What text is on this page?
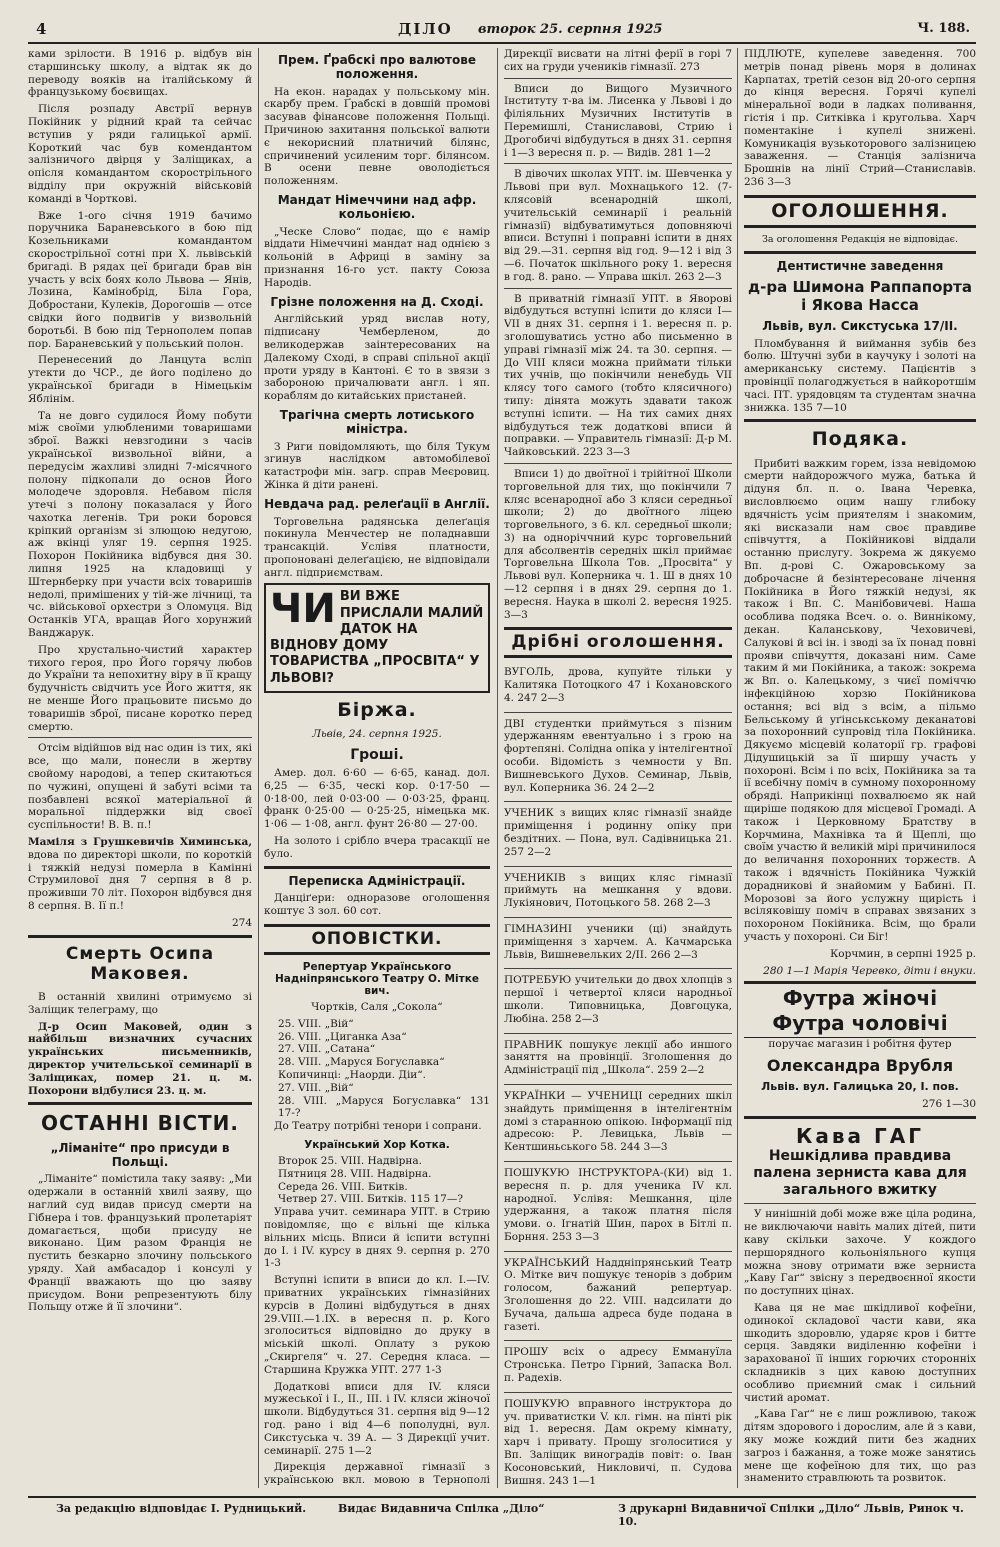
4	ДІЛО второк 25. серпня 1925	Ч. 188.

ками зрілости. В 1916 р. відбув він старшинську школу, а відтак як до переводу вояків на італійському й французькому боєвищах.

Після розпаду Австрії вернув Покійник у рідний край та сейчас вступив у ряди галицької армії. Короткий час був комендантом залізничого двірця у Заліщиках, а опісля командантом скорострільного відділу при окружній військовій команді в Чорткові.

Вже 1-ого січня 1919 бачимо поручника Бараневського в бою під Козельниками командантом скорострільної сотні при X. львівській бригаді. В рядах цеї бригади брав він участь у всіх боях коло Львова — Янів, Лозина, Камінобрід, Біла Гора, Добростани, Кулеків, Дорогошів — отсе свідки його подвигів у визвольній боротьбі. В бою під Тернополем попав пор. Бараневський у польський полон.

Перенесений до Ланцута всліп утекти до ЧСР., де його поділено до української бригади в Німецькім Яблінім.

Та не довго судилося Йому побути між своїми улюбленими товаришами зброї. Важкі невзгодини з часів української визвольної війни, а передусім жахливі злидні 7-місячного полону підкопали до основ Його молодече здоровля. Небавом після утечі з полону показалася у Його чахотка легенів. Три роки боровся кріпкий організм зі злющою недугою, аж вкінці уляг 19. серпня 1925. Похорон Покійника відбувся дня 30. липня 1925 на кладовищі у Штернберку при участи всіх товаришів недолі, примішених у тій-же лічниці, та чс. військової орхестри з Оломуця. Від Останків УГА, вращав Його хорунжий Ванджарук.

Про хрустально-чистий характер тихого героя, про Його горячу любов до України та непохитну віру в її кращу будучність свідчить усе Його життя, як не менше Його працьовите письмо до товаришів зброї, писане коротко перед смертю.

Отсім відійшов від нас один із тих, які все, що мали, понесли в жертву свойому народові, а тепер скитаються по чужині, опущені й забуті всіми та позбавлені всякої матеріальної й моральної піддержки від своєї суспільности! В. В. п.!

Маміля з Грушкевичів Химинська, вдова по директорі школи, по короткій і тяжкій недузі померла в Камінні Струмилової дня 7 серпня в 8 р. проживши 70 літ. Похорон відбувся дня 8 серпня. В. Ії п.!

274

Смерть Осипа Маковея.

В останній хвилині отримуємо зі Заліщик телеграму, що

Д-р Осип Маковей, один з найбільш визначних сучасних українських письменників, директор учительської семинарії в Заліщиках, помер 21. ц. м. Похорони відбулися 23. ц. м.

ОСТАННІ ВІСТИ.
„Ліманіте“ про присуди в Польщі.

„Ліманіте“ помістила таку заяву: „Ми одержали в останній хвилі заяву, що наглий суд видав присуд смерти на Гібнера і тов. французький пролетаріят домагається, щоби присуду не виконано. Цим разом Франція не пустить безкарно злочину польського уряду. Хай амбасадор і консулі у Франції вважають що цю заяву присудом. Вони репрезентують білу Польщу отже й її злочини“.

Прем. Ґрабскі про валютове положення.

На екон. нарадах у польському мін. скарбу прем. Ґрабскі в довшій промові засував фінансове положення Польщі. Причиною захитання польської валюти є некорисний платничий білянс, спричинений усиленим торг. білянсом. В осени певне оволодіється положенням.

Мандат Німеччини над афр. кольонією.

„Ческе Слово“ подає, що є намір віддати Німеччині мандат над однією з кольоній в Африці в заміну за признання 16-го уст. пакту Союза Народів.

Грізне положення на Д. Сході.

Англійський уряд вислав ноту, підписану Чемберленом, до великодержав заінтересованих на Далекому Сході, в справі спільної акції проти уряду в Кантоні. Є то в звязи з забороною причалювати англ. і яп. кораблям до китайських пристаней.

Трагічна смерть лотиського міністра.

З Риги повідомляють, що біля Тукум згинув наслідком автомобілевої катастрофи мін. загр. справ Меєровиц. Жінка й діти ранені.

Невдача рад. релеґації в Англії.

Торговельна радянська делеґація покинула Менчестер не поладнавши трансакцій. Услівя платности, пропоновані делеґацією, не відповідали англ. підприємствам.

ЧИ ВИ ВЖЕ ПРИСЛАЛИ МАЛИЙ ДАТОК НА ВІДНОВУ ДОМУ ТОВАРИСТВА „ПРОСВІТА“ У ЛЬВОВІ?
Біржа.

Львів, 24. серпня 1925.

Гроші.

Амер. дол. 6·60 — 6·65, канад. дол. 6,25 — 6·35, ческі кор. 0·17·50 — 0·18·00, лей 0·03·00 — 0·03·25, франц. франк 0·25·00 — 0·25·25, німецька мк. 1·06 — 1·08, англ. фунт 26·80 — 27·00.

На золото і срібло вчера трасакції не було.

Переписка Адміністрації.

Данціґери: одноразове оголошення коштує 3 зол. 60 сот.

ОПОВІСТКИ.
Репертуар Українського Надніпрянського Театру О. Мітке вич.

Чортків, Саля „Сокола“

25. VIII. „Вій“
26. VIII. „Циганка Аза“
27. VIII. „Сатана“
28. VIII. „Маруся Богуславка“
Копичинці: „Наорди. Діи“.
27. VIII. „Вій“
28. VIII. „Маруся Богуславка“ 131 17-?

До Театру потрібні тенори і сопрани.

Український Хор Котка.
Второк 25. VIII. Надвірна.
Пятниця 28. VIII. Надвірна.
Середа 26. VIII. Битків.
Четвер 27. VIII. Битків. 115 17—?

Управа учит. семинара УПТ. в Стрию повідомляє, що є вільні ще кілька вільних місць. Вписи й іспити вступні до І. і IV. курсу в днях 9. серпня р. 270 1-3

Вступні іспити в вписи до кл. I.—IV. приватних українських гімназійних курсів в Долині відбудуться в днях 29.VIII.—1.IX. в вересня п. р. Кого зголоситься відповідно до друку в міській школі. Оплату з рукою „Скиргеля“ ч. 27. Середня класа. — Старшина Кружка УПТ. 277 1-3

Додаткові вписи для IV. кляси мужеської і І., II., III. і IV. кляси жіночої школи. Відбудуться 31. серпня від 9—12 год. рано і від 4—6 пополудні, вул. Сикстуська ч. 39 А. — З Дирекції учит. семинарії. 275 1—2

Дирекція державної гімназії з українською вкл. мовою в Тернополі

Дирекції висвати на літні ферії в горі 7 сих на груди учеників гімназії. 273

Вписи до Вищого Музичного Інституту т-ва ім. Лисенка у Львові і до філіяльних Музичних Інститутів в Перемишлі, Станиславові, Стрию і Дрогобичі відбудуться в днях 31. серпня і 1—3 вересня п. р. — Видів. 281 1—2

В дівочих школах УПТ. ім. Шевченка у Львові при вул. Мохнацького 12. (7-клясовій всенародній школі, учительській семинарії і реальній гімназії) відбуватимуться доповняючі вписи. Вступні і поправні іспити в днях від 29.—31. серпня від год. 9—12 і від 3—6. Початок шкільного року 1. вересня в год. 8. рано. — Управа шкіл. 263 2—3

В приватній гімназії УПТ. в Яворові відбудуться вступні іспити до кляси I—VII в днях 31. серпня і 1. вересня п. р. зголошуватись устно або письменно в управі гімназії між 24. та 30. серпня. — До VIII кляси можна приймати тільки тих учнів, що покінчили ненебудь VII клясу того самого (тобто клясичного) типу: дінята можуть здавати також вступні іспити. — На тих самих днях відбудуться теж додаткові вписи й поправки. — Управитель гімназії: Д-р М. Чайковський. 223 3—3

Вписи 1) до двоїтної і трійітної Школи торговельной для тих, що покінчили 7 кляс всенародної або 3 кляси середньої школи; 2) до двоїтного ліцею торговельного, з 6. кл. середньої школи; 3) на одноріччний курс торговельний для абсолвентів середніх шкіл приймає Торговельна Школа Тов. „Просвіта“ у Львові вул. Коперника ч. 1. Ш в днях 10—12 серпня і в днях 29. серпня до 1. вересня. Наука в школі 2. вересня 1925. 3—3

Дрібні оголошення.

ВУГОЛЬ, дрова, купуйте тільки у Калитяка Потоцкого 47 і Кохановского 4. 247 2—3

ДВІ студентки приймуться з пізним удержанням евентуально і з грою на фортепяні. Солідна опіка у інтелігентної особи. Відомість з чемности у Вп. Вишневського Духов. Семинар, Львів, вул. Коперника 36. 24 2—2

УЧЕНИК з вищих кляс гімназії знайде приміщення і родинну опіку при бездітних. — Пона, вул. Садівницька 21. 257 2—2

УЧЕНИКІВ з вищих кляс гімназії приймуть на мешкання у вдови. Лукіянович, Потоцького 58. 268 2—3

ГІМНАЗИНІ ученики (ці) знайдуть приміщення з харчем. А. Качмарська Львів, Вишневельких 2/II. 266 2—3

ПОТРЕБУЮ учительки до двох хлопців з першої і четвертої кляси народньої школи. Типовницька, Довгоцука, Любіна. 258 2—3

ПРАВНИК пошукує лекції або иншого заняття на провінції. Зголошення до Адміністрації під „Школа“. 259 2—2

УКРАЇНКИ — УЧЕНИЦІ середних шкіл знайдуть приміщення в інтелігентнім домі з старанною опікою. Інформації під адресою: Р. Левицька, Львів — Кентшиньського 58. 244 3—3

ПОШУКУЮ ІНСТРУКТОРА-(КИ) від 1. вересня п. р. для ученика IV кл. народної. Услівя: Мешкання, ціле удержання, а також платня після умови. о. Ігнатій Шин, парох в Бітлі п. Борння. 253 3—3

УКРАЇНСЬКИЙ Наддніпрянський Театр О. Мітке вич пошукує тенорів з добрим голосом, бажаний репертуар. Зголошення до 22. VIII. надсилати до Бучача, дальша адреса буде подана в газеті.

ПРОШУ всіх о адресу Еммануїла Стронська. Петро Гірний, Запаска Вол. п. Радехів.

ПОШУКУЮ вправного інструктора до уч. приватистки V. кл. гімн. на пінті рік від 1. вересня. Дам окрему кімнату, харч і привату. Прошу зголоситися у Вп. Заліщик виноградів повіт: о. Іван Косоновський, Никловичі, п. Судова Вишня. 243 1—1

ПІДЛЮТЕ, купелеве заведення. 700 метрів понад рівень моря в долинах Карпатах, третій сезон від 20-ого серпня до кінця вересня. Горячі купелі мінеральної води в ладках поливання, гістія і пр. Ситківка і кругольва. Харч поментакіне і купелі знижені. Комуникація вузькоторового залізницею заваження. — Станція залізнича Брошнів на лінії Стрий—Станиславів. 236 3—3

ОГОЛОШЕННЯ.

За оголошення Редакція не відповідає.

Дентистичне заведення
д-ра Шимона Раппапорта і Якова Насса
Львів, вул. Сикстуська 17/II.

Пломбування й виймання зубів без болю. Штучні зуби в каучуку і золоті на американську систему. Пацієнтів з провінції полагоджується в найкоротшім часі. ПТ. урядовцям та студентам значна знижка. 135 7—10

Подяка.

Прибиті важким горем, ізза невідомою смерти найдорожчого мужа, батька й дідуня бл. п. о. Івана Черевка, висловлюємо оцим нашу глибоку вдячність усім приятелям і знакомим, які висказали нам своє правдиве співчуття, а Покійникові віддали останню прислугу. Зокрема ж дякуємо Вп. д-рові С. Ожаровському за доброчасне й безінтересоване лічення Покійника в Його тяжкій недузі, як також і Вп. С. Манібовичеві. Наша особлива подяка Всеч. о. о. Виннікому, декан. Каланськову, Чеховичеві, Салукові й всі ін. і зводі за їх понад повні прояви співчуття, доказані ним. Саме таким й ми Покійника, а також: зокрема ж Вп. о. Калецькому, з чиєї поміччю інфекційною хорзю Покійникова остання; всі від з всім, а пільмо Бельському й уґінськському деканатові за похоронний супровід тіла Покійника. Дякуємо місцевій колаторії гр. графові Дідушицькій за її ширшу участь у похороні. Всім і по всіх, Покійника за та ії всебічну поміч в сумному похоронному обряді. Наприкінці похвалюємо як най щиріше подякою для місцевої Громаді. А також і Церковному Братству в Корчмина, Махнівка та й Щеплі, що своїм участю й великій мірі причинилося до величання похоронних торжеств. А також і вдячність Покійника Чужкій дорадникові й знайомим у Бабині. П. Морозові за його услужну щирість і всіляковішу поміч в справах звязаних з похороном Покійника. Всім, що брали участь у похороні. Си Біг!

Корчмин, в серпні 1925 р.

280 1—1 Марія Черевко, діти і внуки.

Футра жіночі Футра чоловічі

поручає магазин і робітня футер

Олександра Врубля
Львів. вул. Галицька 20, I. пов.

276 1—30

Кава ГАГ
Нешкідлива правдива палена зерниста кава для загального вжитку

У нинішній добі може вже ціла родина, не виключаючи навіть малих дітей, пити каву скільки захоче. У кождого першорядного кольоніяльного купця можна знову отримати вже зерниста „Каву Гаґ“ звісну з передвоєнної якости по доступних цінах.

Кава ця не має шкідливої кофеїни, одинокої складової части кави, яка шкодить здоровлю, ударяє кров і битте серця. Завдяки виділенню кофеїни і зарахованої її інших горючих сторонніх складників з цих кавою доступних особливо приємний смак і сильний чистий аромат.

„Кава Гаґ“ не є лиш рожливою, також дітям здорового і дорослим, але й з кави, яку може кождий пити без жадних загроз і бажання, а тоже може занятись мене ще кофеїною для тих, що раз знаменито стравлюють та розвиток.

За редакцію відповідає І. Рудницький.	Видає Видавнича Спілка „Діло“	З друкарні Видавничої Спілки „Діло“ Львів, Ринок ч. 10.
